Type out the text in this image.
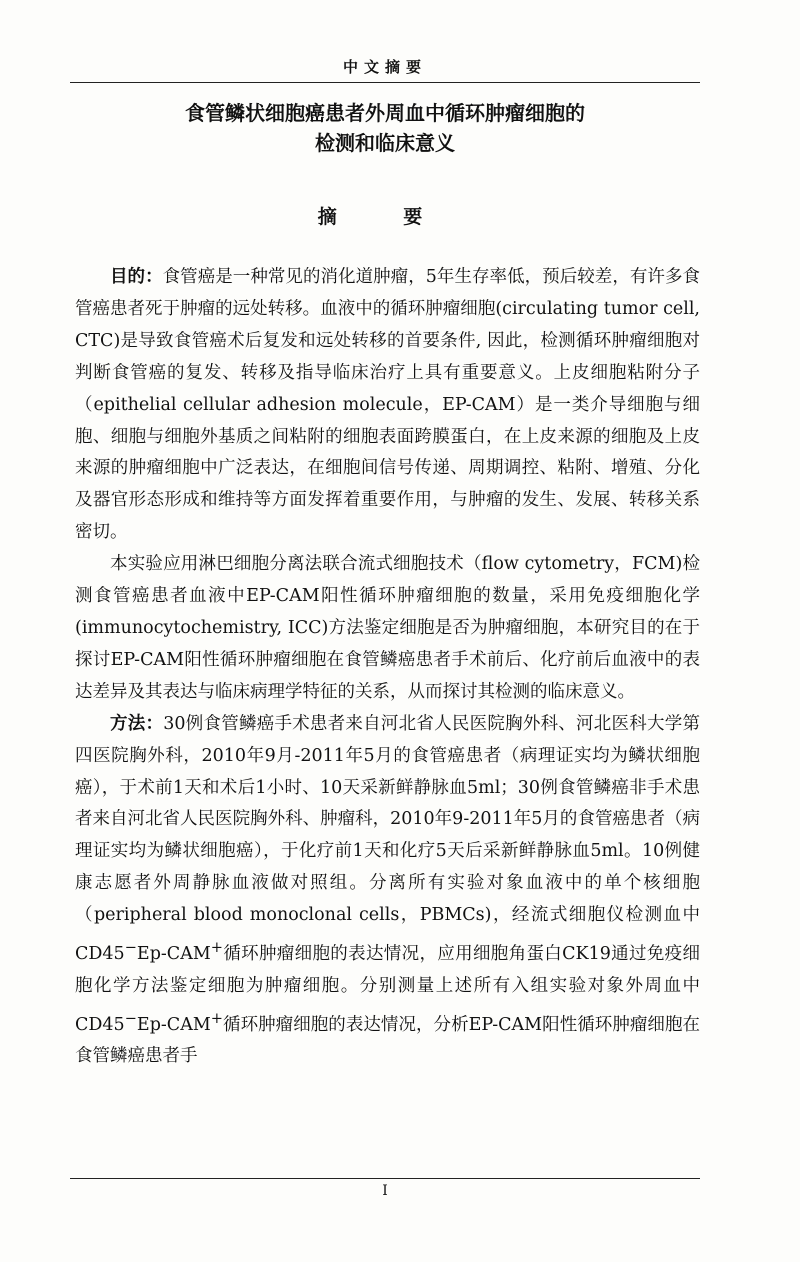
中文摘要
食管鳞状细胞癌患者外周血中循环肿瘤细胞的
检测和临床意义
摘 要

目的：食管癌是一种常见的消化道肿瘤，5年生存率低，预后较差，有许多食管癌患者死于肿瘤的远处转移。血液中的循环肿瘤细胞(circulating tumor cell, CTC)是导致食管癌术后复发和远处转移的首要条件, 因此，检测循环肿瘤细胞对判断食管癌的复发、转移及指导临床治疗上具有重要意义。上皮细胞粘附分子（epithelial cellular adhesion molecule，EP-CAM）是一类介导细胞与细胞、细胞与细胞外基质之间粘附的细胞表面跨膜蛋白，在上皮来源的细胞及上皮来源的肿瘤细胞中广泛表达，在细胞间信号传递、周期调控、粘附、增殖、分化及器官形态形成和维持等方面发挥着重要作用，与肿瘤的发生、发展、转移关系密切。

本实验应用淋巴细胞分离法联合流式细胞技术（flow cytometry，FCM)检测食管癌患者血液中EP-CAM阳性循环肿瘤细胞的数量，采用免疫细胞化学(immunocytochemistry, ICC)方法鉴定细胞是否为肿瘤细胞，本研究目的在于探讨EP-CAM阳性循环肿瘤细胞在食管鳞癌患者手术前后、化疗前后血液中的表达差异及其表达与临床病理学特征的关系，从而探讨其检测的临床意义。

方法：30例食管鳞癌手术患者来自河北省人民医院胸外科、河北医科大学第四医院胸外科，2010年9月-2011年5月的食管癌患者（病理证实均为鳞状细胞癌），于术前1天和术后1小时、10天采新鲜静脉血5ml；30例食管鳞癌非手术患者来自河北省人民医院胸外科、肿瘤科，2010年9-2011年5月的食管癌患者（病理证实均为鳞状细胞癌），于化疗前1天和化疗5天后采新鲜静脉血5ml。10例健康志愿者外周静脉血液做对照组。分离所有实验对象血液中的单个核细胞（peripheral blood monoclonal cells，PBMCs)，经流式细胞仪检测血中CD45−Ep-CAM+循环肿瘤细胞的表达情况，应用细胞角蛋白CK19通过免疫细胞化学方法鉴定细胞为肿瘤细胞。分别测量上述所有入组实验对象外周血中CD45−Ep-CAM+循环肿瘤细胞的表达情况，分析EP-CAM阳性循环肿瘤细胞在食管鳞癌患者手

I
